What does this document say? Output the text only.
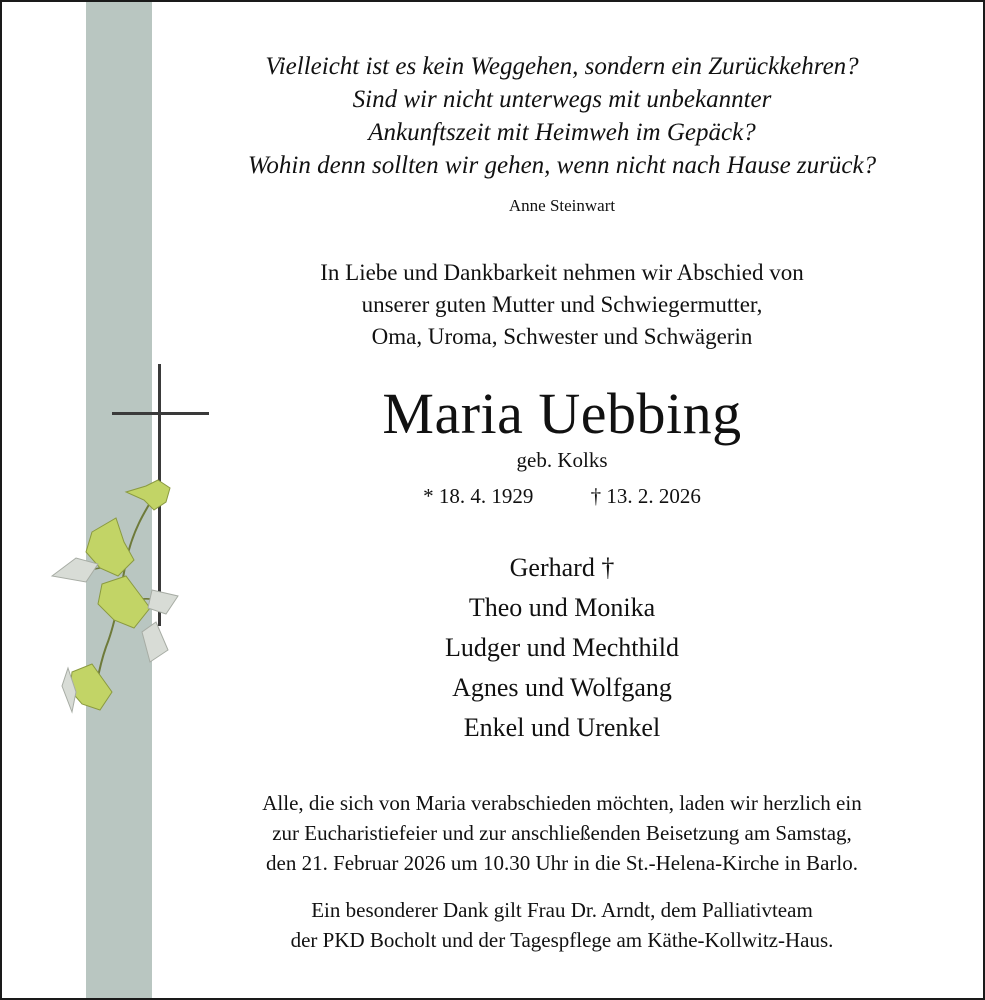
Vielleicht ist es kein Weggehen, sondern ein Zurückkehren?
Sind wir nicht unterwegs mit unbekannter
Ankunftszeit mit Heimweh im Gepäck?
Wohin denn sollten wir gehen, wenn nicht nach Hause zurück?
Anne Steinwart
In Liebe und Dankbarkeit nehmen wir Abschied von
unserer guten Mutter und Schwiegermutter,
Oma, Uroma, Schwester und Schwägerin
Maria Uebbing
geb. Kolks
* 18. 4. 1929	† 13. 2. 2026
Gerhard †
Theo und Monika
Ludger und Mechthild
Agnes und Wolfgang
Enkel und Urenkel
Alle, die sich von Maria verabschieden möchten, laden wir herzlich ein
zur Eucharistiefeier und zur anschließenden Beisetzung am Samstag,
den 21. Februar 2026 um 10.30 Uhr in die St.-Helena-Kirche in Barlo.
Ein besonderer Dank gilt Frau Dr. Arndt, dem Palliativteam
der PKD Bocholt und der Tagespflege am Käthe-Kollwitz-Haus.
